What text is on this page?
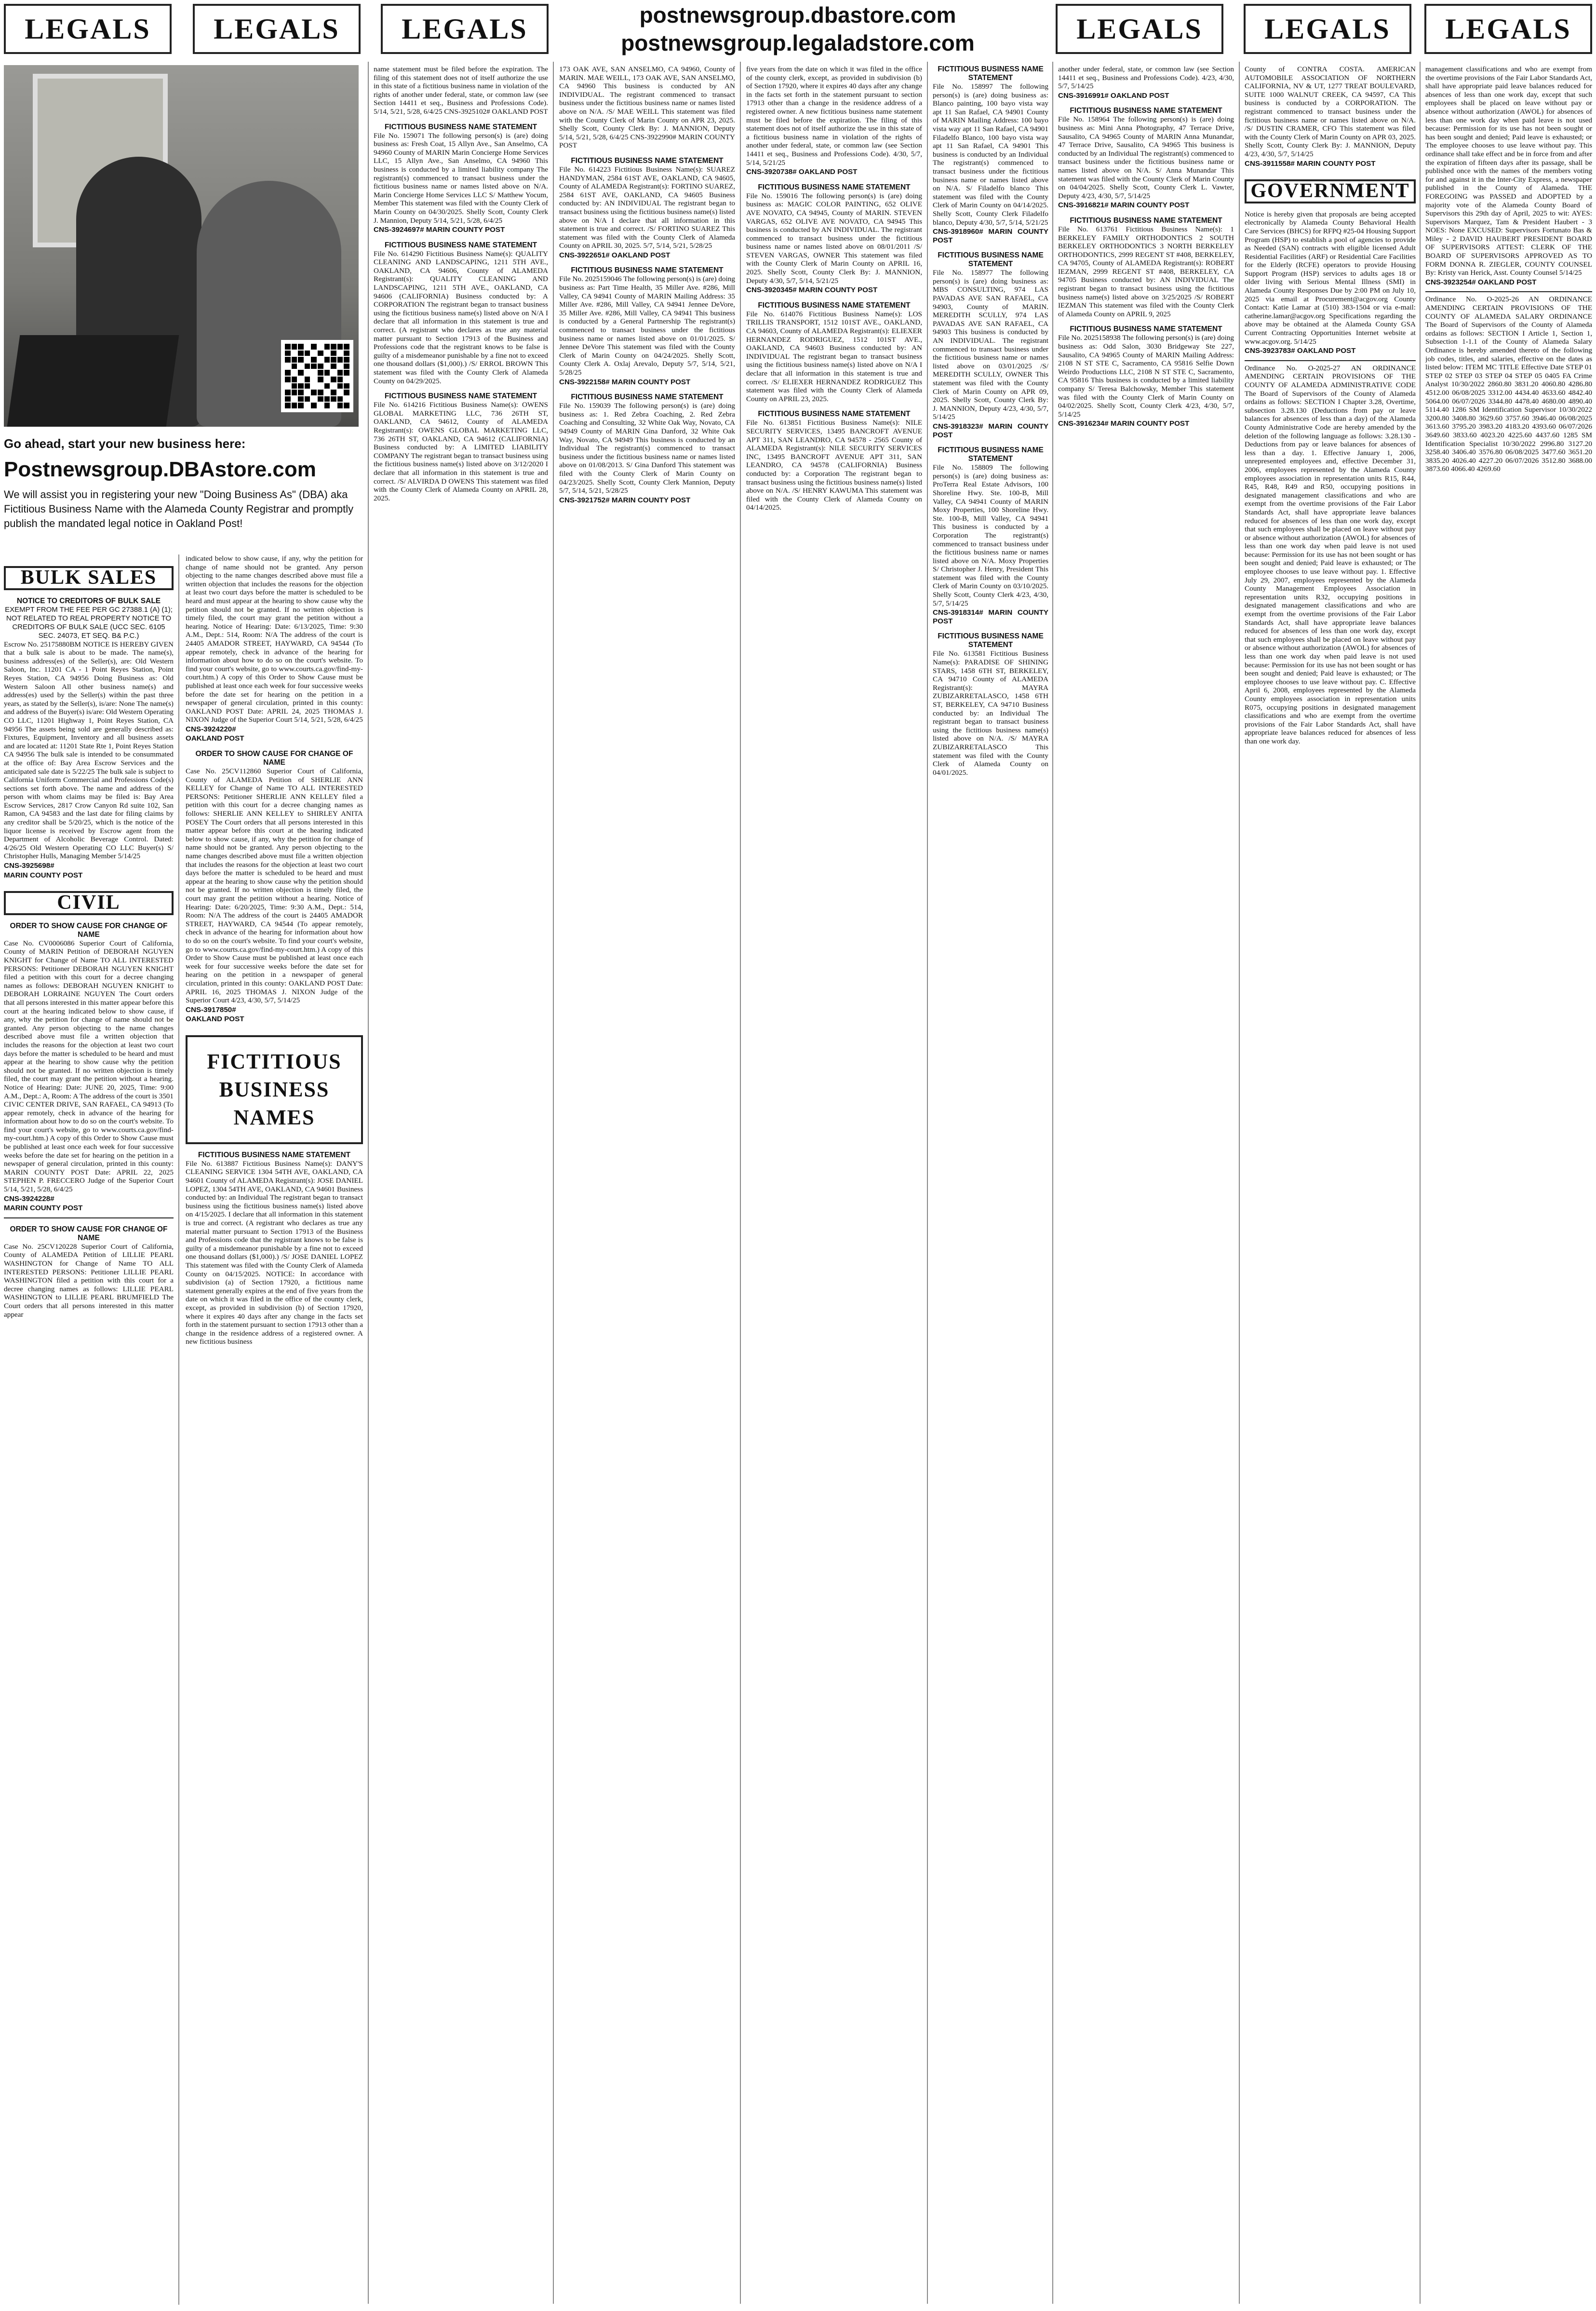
LEGALS LEGALS LEGALS	postnewsgroup.dbastore.com
postnewsgroup.legaladstore.com	LEGALS LEGALS LEGALS
Go ahead, start your new business here:
Postnewsgroup.DBAstore.com
We will assist you in registering your new "Doing Business As" (DBA) aka Fictitious Business Name with the Alameda County Registrar and promptly publish the mandated legal notice in Oakland Post!
BULK SALES
NOTICE TO CREDITORS OF BULK SALE
EXEMPT FROM THE FEE PER GC 27388.1 (A) (1); NOT RELATED TO REAL PROPERTY NOTICE TO CREDITORS OF BULK SALE (UCC SEC. 6105 SEC. 24073, ET SEQ. B& P.C.)

Escrow No. 25175880BM NOTICE IS HEREBY GIVEN that a bulk sale is about to be made. The name(s), business address(es) of the Seller(s), are: Old Western Saloon, Inc. 11201 CA - 1 Point Reyes Station, Point Reyes Station, CA 94956 Doing Business as: Old Western Saloon All other business name(s) and address(es) used by the Seller(s) within the past three years, as stated by the Seller(s), is/are: None The name(s) and address of the Buyer(s) is/are: Old Western Operating CO LLC, 11201 Highway 1, Point Reyes Station, CA 94956 The assets being sold are generally described as: Fixtures, Equipment, Inventory and all business assets and are located at: 11201 State Rte 1, Point Reyes Station CA 94956 The bulk sale is intended to be consummated at the office of: Bay Area Escrow Services and the anticipated sale date is 5/22/25 The bulk sale is subject to California Uniform Commercial and Professions Code(s) sections set forth above. The name and address of the person with whom claims may be filed is: Bay Area Escrow Services, 2817 Crow Canyon Rd suite 102, San Ramon, CA 94583 and the last date for filing claims by any creditor shall be 5/20/25, which is the notice of the liquor license is received by Escrow agent from the Department of Alcoholic Beverage Control. Dated: 4/26/25 Old Western Operating CO LLC Buyer(s) S/ Christopher Hulls, Managing Member 5/14/25

CNS-3925698#

MARIN COUNTY POST

CIVIL
ORDER TO SHOW CAUSE FOR CHANGE OF NAME

Case No. CV0006086 Superior Court of California, County of MARIN Petition of DEBORAH NGUYEN KNIGHT for Change of Name TO ALL INTERESTED PERSONS: Petitioner DEBORAH NGUYEN KNIGHT filed a petition with this court for a decree changing names as follows: DEBORAH NGUYEN KNIGHT to DEBORAH LORRAINE NGUYEN The Court orders that all persons interested in this matter appear before this court at the hearing indicated below to show cause, if any, why the petition for change of name should not be granted. Any person objecting to the name changes described above must file a written objection that includes the reasons for the objection at least two court days before the matter is scheduled to be heard and must appear at the hearing to show cause why the petition should not be granted. If no written objection is timely filed, the court may grant the petition without a hearing. Notice of Hearing: Date: JUNE 20, 2025, Time: 9:00 A.M., Dept.: A, Room: A The address of the court is 3501 CIVIC CENTER DRIVE, SAN RAFAEL, CA 94913 (To appear remotely, check in advance of the hearing for information about how to do so on the court's website. To find your court's website, go to www.courts.ca.gov/find-my-court.htm.) A copy of this Order to Show Cause must be published at least once each week for four successive weeks before the date set for hearing on the petition in a newspaper of general circulation, printed in this county: MARIN COUNTY POST Date: APRIL 22, 2025 STEPHEN P. FRECCERO Judge of the Superior Court 5/14, 5/21, 5/28, 6/4/25

CNS-3924228#

MARIN COUNTY POST

ORDER TO SHOW CAUSE FOR CHANGE OF NAME

Case No. 25CV120228 Superior Court of California, County of ALAMEDA Petition of LILLIE PEARL WASHINGTON for Change of Name TO ALL INTERESTED PERSONS: Petitioner LILLIE PEARL WASHINGTON filed a petition with this court for a decree changing names as follows: LILLIE PEARL WASHINGTON to LILLIE PEARL BRUMFIELD The Court orders that all persons interested in this matter appear

indicated below to show cause, if any, why the petition for change of name should not be granted. Any person objecting to the name changes described above must file a written objection that includes the reasons for the objection at least two court days before the matter is scheduled to be heard and must appear at the hearing to show cause why the petition should not be granted. If no written objection is timely filed, the court may grant the petition without a hearing. Notice of Hearing: Date: 6/13/2025, Time: 9:30 A.M., Dept.: 514, Room: N/A The address of the court is 24405 AMADOR STREET, HAYWARD, CA 94544 (To appear remotely, check in advance of the hearing for information about how to do so on the court's website. To find your court's website, go to www.courts.ca.gov/find-my-court.htm.) A copy of this Order to Show Cause must be published at least once each week for four successive weeks before the date set for hearing on the petition in a newspaper of general circulation, printed in this county: OAKLAND POST Date: APRIL 24, 2025 THOMAS J. NIXON Judge of the Superior Court 5/14, 5/21, 5/28, 6/4/25

CNS-3924220#

OAKLAND POST

ORDER TO SHOW CAUSE FOR CHANGE OF NAME

Case No. 25CV112860 Superior Court of California, County of ALAMEDA Petition of SHERLIE ANN KELLEY for Change of Name TO ALL INTERESTED PERSONS: Petitioner SHERLIE ANN KELLEY filed a petition with this court for a decree changing names as follows: SHERLIE ANN KELLEY to SHIRLEY ANITA POSEY The Court orders that all persons interested in this matter appear before this court at the hearing indicated below to show cause, if any, why the petition for change of name should not be granted. Any person objecting to the name changes described above must file a written objection that includes the reasons for the objection at least two court days before the matter is scheduled to be heard and must appear at the hearing to show cause why the petition should not be granted. If no written objection is timely filed, the court may grant the petition without a hearing. Notice of Hearing: Date: 6/20/2025, Time: 9:30 A.M., Dept.: 514, Room: N/A The address of the court is 24405 AMADOR STREET, HAYWARD, CA 94544 (To appear remotely, check in advance of the hearing for information about how to do so on the court's website. To find your court's website, go to www.courts.ca.gov/find-my-court.htm.) A copy of this Order to Show Cause must be published at least once each week for four successive weeks before the date set for hearing on the petition in a newspaper of general circulation, printed in this county: OAKLAND POST Date: APRIL 16, 2025 THOMAS J. NIXON Judge of the Superior Court 4/23, 4/30, 5/7, 5/14/25

CNS-3917850#

OAKLAND POST

FICTITIOUS
BUSINESS
NAMES
FICTITIOUS BUSINESS NAME STATEMENT

File No. 613887 Fictitious Business Name(s): DANY'S CLEANING SERVICE 1304 54TH AVE, OAKLAND, CA 94601 County of ALAMEDA Registrant(s): JOSE DANIEL LOPEZ, 1304 54TH AVE, OAKLAND, CA 94601 Business conducted by: an Individual The registrant began to transact business using the fictitious business name(s) listed above on 4/15/2025. I declare that all information in this statement is true and correct. (A registrant who declares as true any material matter pursuant to Section 17913 of the Business and Professions code that the registrant knows to be false is guilty of a misdemeanor punishable by a fine not to exceed one thousand dollars ($1,000).) /S/ JOSE DANIEL LOPEZ This statement was filed with the County Clerk of Alameda County on 04/15/2025. NOTICE: In accordance with subdivision (a) of Section 17920, a fictitious name statement generally expires at the end of five years from the date on which it was filed in the office of the county clerk, except, as provided in subdivision (b) of Section 17920, where it expires 40 days after any change in the facts set forth in the statement pursuant to section 17913 other than a change in the residence address of a registered owner. A new fictitious business

name statement must be filed before the expiration. The filing of this statement does not of itself authorize the use in this state of a fictitious business name in violation of the rights of another under federal, state, or common law (see Section 14411 et seq., Business and Professions Code). 5/14, 5/21, 5/28, 6/4/25 CNS-3925102# OAKLAND POST

FICTITIOUS BUSINESS NAME STATEMENT

File No. 159071 The following person(s) is (are) doing business as: Fresh Coat, 15 Allyn Ave., San Anselmo, CA 94960 County of MARIN Marin Concierge Home Services LLC, 15 Allyn Ave., San Anselmo, CA 94960 This business is conducted by a limited liability company The registrant(s) commenced to transact business under the fictitious business name or names listed above on N/A. Marin Concierge Home Services LLC S/ Matthew Yocum, Member This statement was filed with the County Clerk of Marin County on 04/30/2025. Shelly Scott, County Clerk J. Mannion, Deputy 5/14, 5/21, 5/28, 6/4/25

CNS-3924697# MARIN COUNTY POST

FICTITIOUS BUSINESS NAME STATEMENT

File No. 614290 Fictitious Business Name(s): QUALITY CLEANING AND LANDSCAPING, 1211 5TH AVE., OAKLAND, CA 94606, County of ALAMEDA Registrant(s): QUALITY CLEANING AND LANDSCAPING, 1211 5TH AVE., OAKLAND, CA 94606 (CALIFORNIA) Business conducted by: A CORPORATION The registrant began to transact business using the fictitious business name(s) listed above on N/A I declare that all information in this statement is true and correct. (A registrant who declares as true any material matter pursuant to Section 17913 of the Business and Professions code that the registrant knows to be false is guilty of a misdemeanor punishable by a fine not to exceed one thousand dollars ($1,000).) /S/ ERROL BROWN This statement was filed with the County Clerk of Alameda County on 04/29/2025.

FICTITIOUS BUSINESS NAME STATEMENT

File No. 614216 Fictitious Business Name(s): OWENS GLOBAL MARKETING LLC, 736 26TH ST, OAKLAND, CA 94612, County of ALAMEDA Registrant(s): OWENS GLOBAL MARKETING LLC, 736 26TH ST, OAKLAND, CA 94612 (CALIFORNIA) Business conducted by: A LIMITED LIABILITY COMPANY The registrant began to transact business using the fictitious business name(s) listed above on 3/12/2020 I declare that all information in this statement is true and correct. /S/ ALVIRDA D OWENS This statement was filed with the County Clerk of Alameda County on APRIL 28, 2025.

173 OAK AVE, SAN ANSELMO, CA 94960, County of MARIN. MAE WEILL, 173 OAK AVE, SAN ANSELMO, CA 94960 This business is conducted by AN INDIVIDUAL. The registrant commenced to transact business under the fictitious business name or names listed above on N/A. /S/ MAE WEILL This statement was filed with the County Clerk of Marin County on APR 23, 2025. Shelly Scott, County Clerk By: J. MANNION, Deputy 5/14, 5/21, 5/28, 6/4/25 CNS-3922990# MARIN COUNTY POST

FICTITIOUS BUSINESS NAME STATEMENT

File No. 614223 Fictitious Business Name(s): SUAREZ HANDYMAN, 2584 61ST AVE, OAKLAND, CA 94605, County of ALAMEDA Registrant(s): FORTINO SUAREZ, 2584 61ST AVE, OAKLAND, CA 94605 Business conducted by: AN INDIVIDUAL The registrant began to transact business using the fictitious business name(s) listed above on N/A I declare that all information in this statement is true and correct. /S/ FORTINO SUAREZ This statement was filed with the County Clerk of Alameda County on APRIL 30, 2025. 5/7, 5/14, 5/21, 5/28/25

CNS-3922651# OAKLAND POST

FICTITIOUS BUSINESS NAME STATEMENT

File No. 2025159046 The following person(s) is (are) doing business as: Part Time Health, 35 Miller Ave. #286, Mill Valley, CA 94941 County of MARIN Mailing Address: 35 Miller Ave. #286, Mill Valley, CA 94941 Jennee DeVore, 35 Miller Ave. #286, Mill Valley, CA 94941 This business is conducted by a General Partnership The registrant(s) commenced to transact business under the fictitious business name or names listed above on 01/01/2025. S/ Jennee DeVore This statement was filed with the County Clerk of Marin County on 04/24/2025. Shelly Scott, County Clerk A. Oxlaj Arevalo, Deputy 5/7, 5/14, 5/21, 5/28/25

CNS-3922158# MARIN COUNTY POST

FICTITIOUS BUSINESS NAME STATEMENT

File No. 159039 The following person(s) is (are) doing business as: 1. Red Zebra Coaching, 2. Red Zebra Coaching and Consulting, 32 White Oak Way, Novato, CA 94949 County of MARIN Gina Danford, 32 White Oak Way, Novato, CA 94949 This business is conducted by an Individual The registrant(s) commenced to transact business under the fictitious business name or names listed above on 01/08/2013. S/ Gina Danford This statement was filed with the County Clerk of Marin County on 04/23/2025. Shelly Scott, County Clerk Mannion, Deputy 5/7, 5/14, 5/21, 5/28/25

CNS-3921752# MARIN COUNTY POST

five years from the date on which it was filed in the office of the county clerk, except, as provided in subdivision (b) of Section 17920, where it expires 40 days after any change in the facts set forth in the statement pursuant to section 17913 other than a change in the residence address of a registered owner. A new fictitious business name statement must be filed before the expiration. The filing of this statement does not of itself authorize the use in this state of a fictitious business name in violation of the rights of another under federal, state, or common law (see Section 14411 et seq., Business and Professions Code). 4/30, 5/7, 5/14, 5/21/25

CNS-3920738# OAKLAND POST

FICTITIOUS BUSINESS NAME STATEMENT

File No. 159016 The following person(s) is (are) doing business as: MAGIC COLOR PAINTING, 652 OLIVE AVE NOVATO, CA 94945, County of MARIN. STEVEN VARGAS, 652 OLIVE AVE NOVATO, CA 94945 This business is conducted by AN INDIVIDUAL. The registrant commenced to transact business under the fictitious business name or names listed above on 08/01/2011 /S/ STEVEN VARGAS, OWNER This statement was filed with the County Clerk of Marin County on APRIL 16, 2025. Shelly Scott, County Clerk By: J. MANNION, Deputy 4/30, 5/7, 5/14, 5/21/25

CNS-3920345# MARIN COUNTY POST

FICTITIOUS BUSINESS NAME STATEMENT

File No. 614076 Fictitious Business Name(s): LOS TRILLIS TRANSPORT, 1512 101ST AVE., OAKLAND, CA 94603, County of ALAMEDA Registrant(s): ELIEXER HERNANDEZ RODRIGUEZ, 1512 101ST AVE., OAKLAND, CA 94603 Business conducted by: AN INDIVIDUAL The registrant began to transact business using the fictitious business name(s) listed above on N/A I declare that all information in this statement is true and correct. /S/ ELIEXER HERNANDEZ RODRIGUEZ This statement was filed with the County Clerk of Alameda County on APRIL 23, 2025.

FICTITIOUS BUSINESS NAME STATEMENT

File No. 613851 Fictitious Business Name(s): NILE SECURITY SERVICES, 13495 BANCROFT AVENUE APT 311, SAN LEANDRO, CA 94578 - 2565 County of ALAMEDA Registrant(s): NILE SECURITY SERVICES INC, 13495 BANCROFT AVENUE APT 311, SAN LEANDRO, CA 94578 (CALIFORNIA) Business conducted by: a Corporation The registrant began to transact business using the fictitious business name(s) listed above on N/A. /S/ HENRY KAWUMA This statement was filed with the County Clerk of Alameda County on 04/14/2025.

FICTITIOUS BUSINESS NAME STATEMENT

File No. 158997 The following person(s) is (are) doing business as: Blanco painting, 100 bayo vista way apt 11 San Rafael, CA 94901 County of MARIN Mailing Address: 100 bayo vista way apt 11 San Rafael, CA 94901 Filadelfo Blanco, 100 bayo vista way apt 11 San Rafael, CA 94901 This business is conducted by an Individual The registrant(s) commenced to transact business under the fictitious business name or names listed above on N/A. S/ Filadelfo blanco This statement was filed with the County Clerk of Marin County on 04/14/2025. Shelly Scott, County Clerk Filadelfo blanco, Deputy 4/30, 5/7, 5/14, 5/21/25

CNS-3918960# MARIN COUNTY POST

FICTITIOUS BUSINESS NAME STATEMENT

File No. 158977 The following person(s) is (are) doing business as: MBS CONSULTING, 974 LAS PAVADAS AVE SAN RAFAEL, CA 94903, County of MARIN. MEREDITH SCULLY, 974 LAS PAVADAS AVE SAN RAFAEL, CA 94903 This business is conducted by AN INDIVIDUAL. The registrant commenced to transact business under the fictitious business name or names listed above on 03/01/2025 /S/ MEREDITH SCULLY, OWNER This statement was filed with the County Clerk of Marin County on APR 09, 2025. Shelly Scott, County Clerk By: J. MANNION, Deputy 4/23, 4/30, 5/7, 5/14/25

CNS-3918323# MARIN COUNTY POST

FICTITIOUS BUSINESS NAME STATEMENT

File No. 158809 The following person(s) is (are) doing business as: ProTerra Real Estate Advisors, 100 Shoreline Hwy. Ste. 100-B, Mill Valley, CA 94941 County of MARIN Moxy Properties, 100 Shoreline Hwy. Ste. 100-B, Mill Valley, CA 94941 This business is conducted by a Corporation The registrant(s) commenced to transact business under the fictitious business name or names listed above on N/A. Moxy Properties S/ Christopher J. Henry, President This statement was filed with the County Clerk of Marin County on 03/10/2025. Shelly Scott, County Clerk 4/23, 4/30, 5/7, 5/14/25

CNS-3918314# MARIN COUNTY POST

FICTITIOUS BUSINESS NAME STATEMENT

File No. 613581 Fictitious Business Name(s): PARADISE OF SHINING STARS, 1458 6TH ST, BERKELEY, CA 94710 County of ALAMEDA Registrant(s): MAYRA ZUBIZARRETALASCO, 1458 6TH ST, BERKELEY, CA 94710 Business conducted by: an Individual The registrant began to transact business using the fictitious business name(s) listed above on N/A. /S/ MAYRA ZUBIZARRETALASCO This statement was filed with the County Clerk of Alameda County on 04/01/2025.

another under federal, state, or common law (see Section 14411 et seq., Business and Professions Code). 4/23, 4/30, 5/7, 5/14/25

CNS-3916991# OAKLAND POST

FICTITIOUS BUSINESS NAME STATEMENT

File No. 158964 The following person(s) is (are) doing business as: Mini Anna Photography, 47 Terrace Drive, Sausalito, CA 94965 County of MARIN Anna Munandar, 47 Terrace Drive, Sausalito, CA 94965 This business is conducted by an Individual The registrant(s) commenced to transact business under the fictitious business name or names listed above on N/A. S/ Anna Munandar This statement was filed with the County Clerk of Marin County on 04/04/2025. Shelly Scott, County Clerk L. Vawter, Deputy 4/23, 4/30, 5/7, 5/14/25

CNS-3916821# MARIN COUNTY POST

FICTITIOUS BUSINESS NAME STATEMENT

File No. 613761 Fictitious Business Name(s): 1 BERKELEY FAMILY ORTHODONTICS 2 SOUTH BERKELEY ORTHODONTICS 3 NORTH BERKELEY ORTHODONTICS, 2999 REGENT ST #408, BERKELEY, CA 94705, County of ALAMEDA Registrant(s): ROBERT IEZMAN, 2999 REGENT ST #408, BERKELEY, CA 94705 Business conducted by: AN INDIVIDUAL The registrant began to transact business using the fictitious business name(s) listed above on 3/25/2025 /S/ ROBERT IEZMAN This statement was filed with the County Clerk of Alameda County on APRIL 9, 2025

FICTITIOUS BUSINESS NAME STATEMENT

File No. 2025158938 The following person(s) is (are) doing business as: Odd Salon, 3030 Bridgeway Ste 227, Sausalito, CA 94965 County of MARIN Mailing Address: 2108 N ST STE C, Sacramento, CA 95816 Selfie Down Weirdo Productions LLC, 2108 N ST STE C, Sacramento, CA 95816 This business is conducted by a limited liability company S/ Teresa Balchowsky, Member This statement was filed with the County Clerk of Marin County on 04/02/2025. Shelly Scott, County Clerk 4/23, 4/30, 5/7, 5/14/25

CNS-3916234# MARIN COUNTY POST

County of CONTRA COSTA. AMERICAN AUTOMOBILE ASSOCIATION OF NORTHERN CALIFORNIA, NV & UT, 1277 TREAT BOULEVARD, SUITE 1000 WALNUT CREEK, CA 94597, CA This business is conducted by a CORPORATION. The registrant commenced to transact business under the fictitious business name or names listed above on N/A. /S/ DUSTIN CRAMER, CFO This statement was filed with the County Clerk of Marin County on APR 03, 2025. Shelly Scott, County Clerk By: J. MANNION, Deputy 4/23, 4/30, 5/7, 5/14/25

CNS-3911558# MARIN COUNTY POST

GOVERNMENT

Notice is hereby given that proposals are being accepted electronically by Alameda County Behavioral Health Care Services (BHCS) for RFPQ #25-04 Housing Support Program (HSP) to establish a pool of agencies to provide as Needed (SAN) contracts with eligible licensed Adult Residential Facilities (ARF) or Residential Care Facilities for the Elderly (RCFE) operators to provide Housing Support Program (HSP) services to adults ages 18 or older living with Serious Mental Illness (SMI) in Alameda County Responses Due by 2:00 PM on July 10, 2025 via email at Procurement@acgov.org County Contact: Katie Lamar at (510) 383-1504 or via e-mail: catherine.lamar@acgov.org Specifications regarding the above may be obtained at the Alameda County GSA Current Contracting Opportunities Internet website at www.acgov.org. 5/14/25

CNS-3923783# OAKLAND POST

Ordinance No. O-2025-27 AN ORDINANCE AMENDING CERTAIN PROVISIONS OF THE COUNTY OF ALAMEDA ADMINISTRATIVE CODE The Board of Supervisors of the County of Alameda ordains as follows: SECTION I Chapter 3.28, Overtime, subsection 3.28.130 (Deductions from pay or leave balances for absences of less than a day) of the Alameda County Administrative Code are hereby amended by the deletion of the following language as follows: 3.28.130 - Deductions from pay or leave balances for absences of less than a day. 1. Effective January 1, 2006, unrepresented employees and, effective December 31, 2006, employees represented by the Alameda County employees association in representation units R15, R44, R45, R48, R49 and R50, occupying positions in designated management classifications and who are exempt from the overtime provisions of the Fair Labor Standards Act, shall have appropriate leave balances reduced for absences of less than one work day, except that such employees shall be placed on leave without pay or absence without authorization (AWOL) for absences of less than one work day when paid leave is not used because: Permission for its use has not been sought or has been sought and denied; Paid leave is exhausted; or The employee chooses to use leave without pay. 1. Effective July 29, 2007, employees represented by the Alameda County Management Employees Association in representation units R32, occupying positions in designated management classifications and who are exempt from the overtime provisions of the Fair Labor Standards Act, shall have appropriate leave balances reduced for absences of less than one work day, except that such employees shall be placed on leave without pay or absence without authorization (AWOL) for absences of less than one work day when paid leave is not used because: Permission for its use has not been sought or has been sought and denied; Paid leave is exhausted; or The employee chooses to use leave without pay. C. Effective April 6, 2008, employees represented by the Alameda County employees association in representation units R075, occupying positions in designated management classifications and who are exempt from the overtime provisions of the Fair Labor Standards Act, shall have appropriate leave balances reduced for absences of less than one work day.

management classifications and who are exempt from the overtime provisions of the Fair Labor Standards Act, shall have appropriate paid leave balances reduced for absences of less than one work day, except that such employees shall be placed on leave without pay or absence without authorization (AWOL) for absences of less than one work day when paid leave is not used because: Permission for its use has not been sought or has been sought and denied; Paid leave is exhausted; or The employee chooses to use leave without pay. This ordinance shall take effect and be in force from and after the expiration of fifteen days after its passage, shall be published once with the names of the members voting for and against it in the Inter-City Express, a newspaper published in the County of Alameda. THE FOREGOING was PASSED and ADOPTED by a majority vote of the Alameda County Board of Supervisors this 29th day of April, 2025 to wit: AYES: Supervisors Marquez, Tam & President Haubert - 3 NOES: None EXCUSED: Supervisors Fortunato Bas & Miley - 2 DAVID HAUBERT PRESIDENT BOARD OF SUPERVISORS ATTEST: CLERK OF THE BOARD OF SUPERVISORS APPROVED AS TO FORM DONNA R. ZIEGLER, COUNTY COUNSEL By: Kristy van Herick, Asst. County Counsel 5/14/25

CNS-3923254# OAKLAND POST

Ordinance No. O-2025-26 AN ORDINANCE AMENDING CERTAIN PROVISIONS OF THE COUNTY OF ALAMEDA SALARY ORDINANCE The Board of Supervisors of the County of Alameda ordains as follows: SECTION I Article 1, Section 1, Subsection 1-1.1 of the County of Alameda Salary Ordinance is hereby amended thereto of the following job codes, titles, and salaries, effective on the dates as listed below: ITEM MC TITLE Effective Date STEP 01 STEP 02 STEP 03 STEP 04 STEP 05 0405 FA Crime Analyst 10/30/2022 2860.80 3831.20 4060.80 4286.80 4512.00 06/08/2025 3312.00 4434.40 4633.60 4842.40 5064.00 06/07/2026 3344.80 4478.40 4680.00 4890.40 5114.40 1286 SM Identification Supervisor 10/30/2022 3200.80 3408.80 3629.60 3757.60 3946.40 06/08/2025 3613.60 3795.20 3983.20 4183.20 4393.60 06/07/2026 3649.60 3833.60 4023.20 4225.60 4437.60 1285 SM Identification Specialist 10/30/2022 2996.80 3127.20 3258.40 3406.40 3576.80 06/08/2025 3477.60 3651.20 3835.20 4026.40 4227.20 06/07/2026 3512.80 3688.00 3873.60 4066.40 4269.60
